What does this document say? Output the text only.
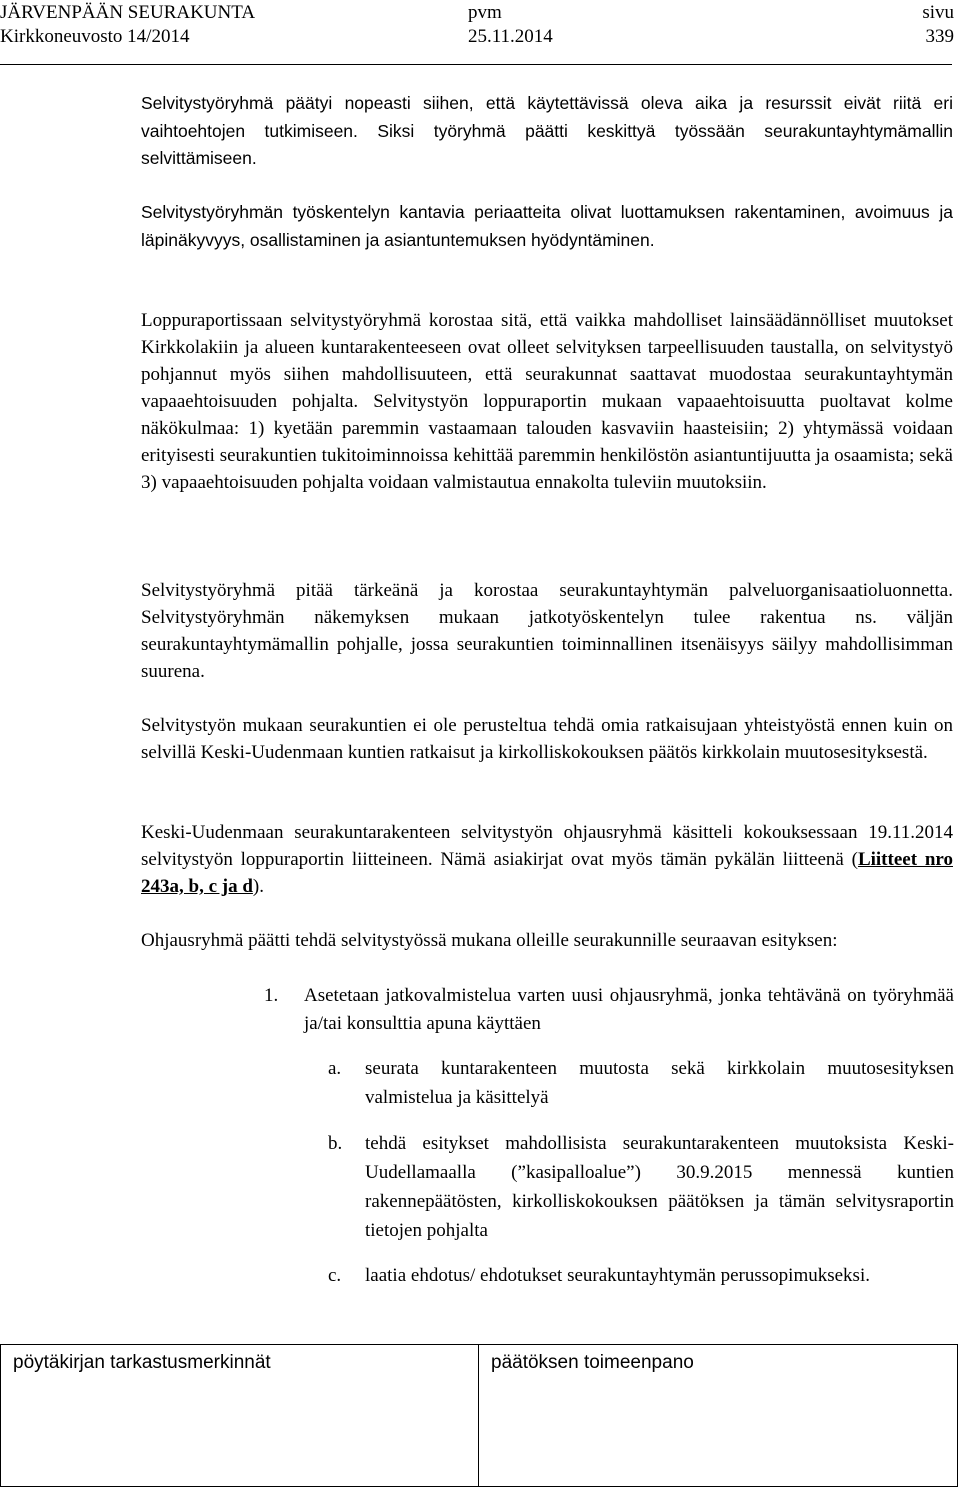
JÄRVENPÄÄN SEURAKUNTA
Kirkkoneuvosto 14/2014
pvm
25.11.2014
sivu
339
Selvitystyöryhmä päätyi nopeasti siihen, että käytettävissä oleva aika ja resurssit eivät riitä eri vaihtoehtojen tutkimiseen. Siksi työryhmä päätti keskittyä työssään seurakuntayhtymämallin selvittämiseen.
Selvitystyöryhmän työskentelyn kantavia periaatteita olivat luottamuksen rakentaminen, avoimuus ja läpinäkyvyys, osallistaminen ja asiantuntemuksen hyödyntäminen.
Loppuraportissaan selvitystyöryhmä korostaa sitä, että vaikka mahdolliset lainsäädännölliset muutokset Kirkkolakiin ja alueen kuntarakenteeseen ovat olleet selvityksen tarpeellisuuden taustalla, on selvitystyö pohjannut myös siihen mahdollisuuteen, että seurakunnat saattavat muodostaa seurakuntayhtymän vapaaehtoisuuden pohjalta. Selvitystyön loppuraportin mukaan vapaaehtoisuutta puoltavat kolme näkökulmaa: 1) kyetään paremmin vastaamaan talouden kasvaviin haasteisiin; 2) yhtymässä voidaan erityisesti seurakuntien tukitoiminnoissa kehittää paremmin henkilöstön asiantuntijuutta ja osaamista; sekä 3) vapaaehtoisuuden pohjalta voidaan valmistautua ennakolta tuleviin muutoksiin.
Selvitystyöryhmä pitää tärkeänä ja korostaa seurakuntayhtymän palveluorganisaatioluonnetta. Selvitystyöryhmän näkemyksen mukaan jatkotyöskentelyn tulee rakentua ns. väljän seurakuntayhtymämallin pohjalle, jossa seurakuntien toiminnallinen itsenäisyys säilyy mahdollisimman suurena.
Selvitystyön mukaan seurakuntien ei ole perusteltua tehdä omia ratkaisujaan yhteistyöstä ennen kuin on selvillä Keski-Uudenmaan kuntien ratkaisut ja kirkolliskokouksen päätös kirkkolain muutosesityksestä.
Keski-Uudenmaan seurakuntarakenteen selvitystyön ohjausryhmä käsitteli kokouksessaan 19.11.2014 selvitystyön loppuraportin liitteineen. Nämä asiakirjat ovat myös tämän pykälän liitteenä (Liitteet nro 243a, b, c ja d).
Ohjausryhmä päätti tehdä selvitystyössä mukana olleille seurakunnille seuraavan esityksen:
1. Asetetaan jatkovalmistelua varten uusi ohjausryhmä, jonka tehtävänä on työryhmää ja/tai konsulttia apuna käyttäen
a. seurata kuntarakenteen muutosta sekä kirkkolain muutosesityksen valmistelua ja käsittelyä
b. tehdä esitykset mahdollisista seurakuntarakenteen muutoksista Keski-Uudellamaalla (”kasipalloalue”) 30.9.2015 mennessä kuntien rakennepäätösten, kirkolliskokouksen päätöksen ja tämän selvitysraportin tietojen pohjalta
c. laatia ehdotus/ ehdotukset seurakuntayhtymän perussopimukseksi.
pöytäkirjan tarkastusmerkinnät	päätöksen toimeenpano
